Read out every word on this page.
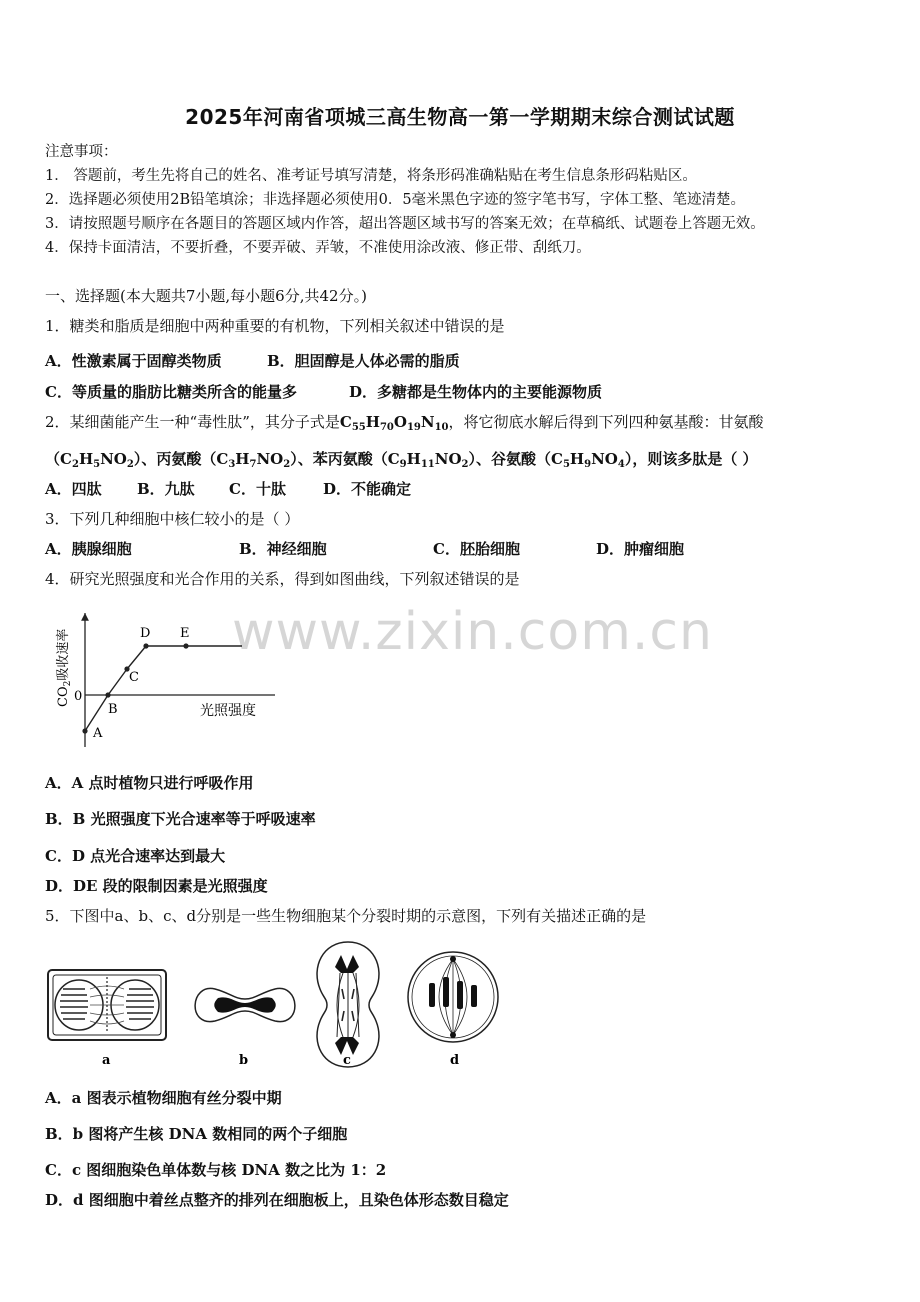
www.zixin.com.cn
2025年河南省项城三高生物高一第一学期期末综合测试试题
注意事项：
1． 答题前，考生先将自己的姓名、准考证号填写清楚，将条形码准确粘贴在考生信息条形码粘贴区。
2．选择题必须使用2B铅笔填涂；非选择题必须使用0．5毫米黑色字迹的签字笔书写，字体工整、笔迹清楚。
3．请按照题号顺序在各题目的答题区域内作答，超出答题区域书写的答案无效；在草稿纸、试题卷上答题无效。
4．保持卡面清洁，不要折叠，不要弄破、弄皱，不准使用涂改液、修正带、刮纸刀。
一、选择题(本大题共7小题,每小题6分,共42分。)
1．糖类和脂质是细胞中两种重要的有机物，下列相关叙述中错误的是
A．性激素属于固醇类物质	B．胆固醇是人体必需的脂质
C．等质量的脂肪比糖类所含的能量多	D．多糖都是生物体内的主要能源物质
2．某细菌能产生一种“毒性肽”，其分子式是$C_{55}H_{70}O_{19}N_{10}$，将它彻底水解后得到下列四种氨基酸：甘氨酸
$(C_2H_5NO_2)$、丙氨酸$(C_3H_7NO_2)$、苯丙氨酸$(C_9H_{11}NO_2)$、谷氨酸$(C_5H_9NO_4)$，则该多肽是（ ）
A．四肽 B．九肽 C．十肽 D．不能确定
3．下列几种细胞中核仁较小的是（ ）
A．胰腺细胞	B．神经细胞	C．胚胎细胞	D．肿瘤细胞
4．研究光照强度和光合作用的关系，得到如图曲线，下列叙述错误的是
A
B
C
D E
0
光照强度
$CO_2$吸收速率
A．A 点时植物只进行呼吸作用
B．B 光照强度下光合速率等于呼吸速率
C．D 点光合速率达到最大
D．DE 段的限制因素是光照强度
5．下图中a、b、c、d分别是一些生物细胞某个分裂时期的示意图，下列有关描述正确的是
a	b	c	d
A．a 图表示植物细胞有丝分裂中期
B．b 图将产生核 DNA 数相同的两个子细胞
C．c 图细胞染色单体数与核 DNA 数之比为 1：2
D．d 图细胞中着丝点整齐的排列在细胞板上，且染色体形态数目稳定
